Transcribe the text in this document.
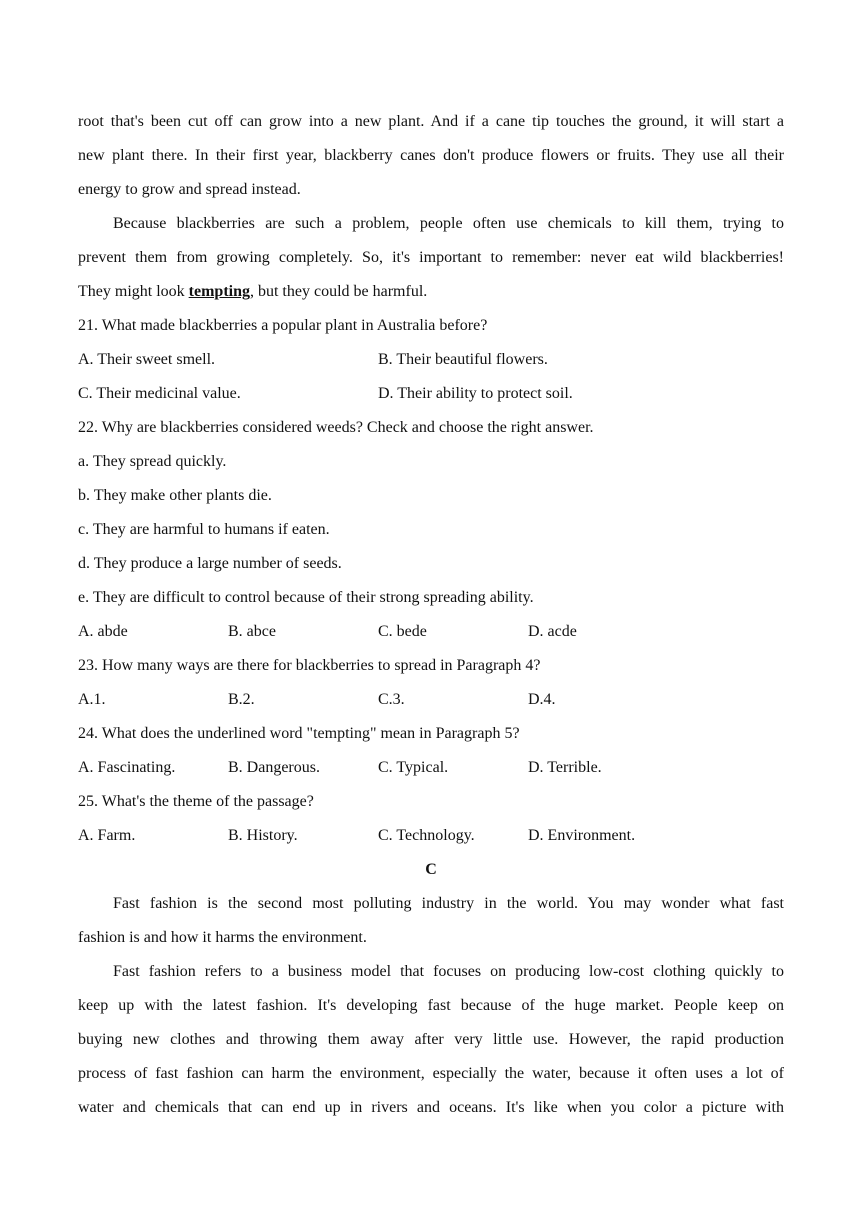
root that's been cut off can grow into a new plant. And if a cane tip touches the ground, it will start a
new plant there. In their first year, blackberry canes don't produce flowers or fruits. They use all their
energy to grow and spread instead.
Because blackberries are such a problem, people often use chemicals to kill them, trying to
prevent them from growing completely. So, it's important to remember: never eat wild blackberries!
They might look tempting, but they could be harmful.
21. What made blackberries a popular plant in Australia before?
A. Their sweet smell.	B. Their beautiful flowers.
C. Their medicinal value.	D. Their ability to protect soil.
22. Why are blackberries considered weeds? Check and choose the right answer.
a. They spread quickly.
b. They make other plants die.
c. They are harmful to humans if eaten.
d. They produce a large number of seeds.
e. They are difficult to control because of their strong spreading ability.
A. abde	B. abce	C. bede	D. acde
23. How many ways are there for blackberries to spread in Paragraph 4?
A.1.	B.2.	C.3.	D.4.
24. What does the underlined word "tempting" mean in Paragraph 5?
A. Fascinating.	B. Dangerous.	C. Typical.	D. Terrible.
25. What's the theme of the passage?
A. Farm.	B. History.	C. Technology.	D. Environment.
C
Fast fashion is the second most polluting industry in the world. You may wonder what fast
fashion is and how it harms the environment.
Fast fashion refers to a business model that focuses on producing low-cost clothing quickly to
keep up with the latest fashion. It's developing fast because of the huge market. People keep on
buying new clothes and throwing them away after very little use. However, the rapid production
process of fast fashion can harm the environment, especially the water, because it often uses a lot of
water and chemicals that can end up in rivers and oceans. It's like when you color a picture with
